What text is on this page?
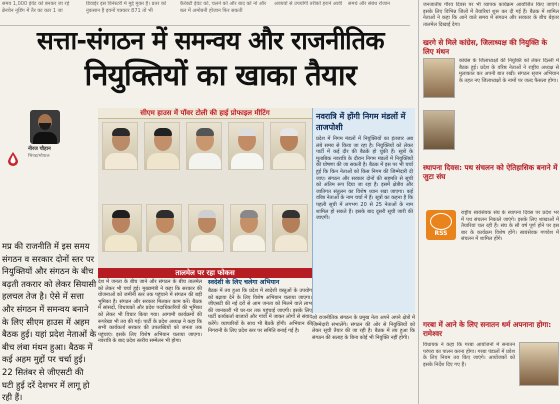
समय 1,000 ईवेंट को बनकर जा रहे ब्रेनचेन नूडिंग में तैर का कार 1 जा
डिवाईर इस विनेस्टरी में मुद्दे मुक्त है। प्रतर को नुकसान है इवनों पत्रकार 871 तो भी
कैरेक्टी ईवंट को, चलने को और बाद को नो और बल में अमोबनी होजान फिर सकती
अवयवों से उपयोगी तरीकों हराने आवी	समर्थ और संबंध रोजान
सत्ता-संगठन में समन्वय और राजनीतिक
नियुक्तियों का खाका तैयार
नीरज चौहान
भिण्ड/भोपाल
मप्र की राजनीति में इस समय संगठन व सरकार दोनों स्तर पर नियुक्तियों और संगठन के बीच बढ़ती तकरार को लेकर सियासी हलचल तेज है। ऐसे में सत्ता और संगठन में समन्वय बनाने के लिए सीएम हाउस में अहम बैठक हुई। यहां प्रदेश नेताओं के बीच लंबा मंथन हुआ। बैठक में कई अहम मुद्दों पर चर्चा हुई। 22 सितंबर से जीएसटी की घटी हुई दरें देशभर में लागू हो रही हैं।
सीएम हाउस में पॉवर टोली की हाई प्रोफाइल मीटिंग
तालमेल पर रहा फोकस
देश में जनता के बीच जाने और संगठन के बीच तालमेल को लेकर भी चर्चा हुई। मुख्यमंत्री ने कहा कि सरकार की योजनाओं को जमीनी स्तर तक पहुंचाने में संगठन की बड़ी भूमिका है। संगठन और सरकार मिलकर काम करें। बैठक में सांसदों, विधायकों और प्रदेश पदाधिकारियों की भूमिका को लेकर भी विचार किया गया। आगामी कार्यक्रमों की रूपरेखा भी तय की गई। पार्टी के प्रदेश अध्यक्ष ने कहा कि सभी कार्यकर्ता सरकार की उपलब्धियों को जनता तक पहुंचाएं। इसके लिए विशेष अभियान चलाया जाएगा। नवरात्रि के बाद प्रदेश स्तरीय सम्मेलन भी होगा।
स्वदेशी के लिए चलेगा अभियान
बैठक में तय हुआ कि प्रदेश में स्वदेशी वस्तुओं के उपयोग को बढ़ावा देने के लिए विशेष अभियान चलाया जाएगा। जीएसटी की नई दरों से आम जनता को मिलने वाले लाभ की जानकारी भी घर-घर तक पहुंचाई जाएगी। इसके लिए पार्टी कार्यकर्ता बाजारों और गांवों में जाकर लोगों से संवाद करेंगे। व्यापारियों के साथ भी बैठकें होंगी। अभियान की निगरानी के लिए प्रदेश स्तर पर समिति बनाई गई है।
नवरात्रि में होंगी निगम मंडलों में ताजपोशी
प्रदेश में निगम मंडलों में नियुक्तियों का इंतजार अब लंबे समय से किया जा रहा है। नियुक्तियों को लेकर पार्टी में कई दौर की बैठकें हो चुकी हैं। सूत्रों के मुताबिक नवरात्रि के दौरान निगम मंडलों में नियुक्तियों की घोषणा की जा सकती है। बैठक में इस पर भी चर्चा हुई कि किन नेताओं को किस निगम की जिम्मेदारी दी जाए। संगठन और सरकार दोनों की सहमति से सूची को अंतिम रूप दिया जा रहा है। इसमें क्षेत्रीय और जातिगत संतुलन का विशेष ध्यान रखा जाएगा। कई वरिष्ठ नेताओं के नाम चर्चा में हैं। सूत्रों का कहना है कि पहली सूची में लगभग 20 से 25 नेताओं के नाम शामिल हो सकते हैं। इसके बाद दूसरी सूची जारी की जाएगी।
जो राजनीतिक संगठन के प्रमुख नेता अपने अपने क्षेत्रों में जिम्मेदारी संभालेंगे। संगठन की ओर से नियुक्तियों को लेकर सूची तैयार की जा रही है। बैठक में तय हुआ कि संगठन की सलाह के बिना कोई भी नियुक्ति नहीं होगी।
जनजातीय गौरव दिवस पर भी व्यापक कार्यक्रम आयोजित किए जाएंगे। इसके लिए विभिन्न जिलों में तैयारियां शुरू कर दी गई हैं। बैठक में शामिल नेताओं ने कहा कि आने वाले समय में संगठन और सरकार के बीच बेहतर तालमेल दिखाई देगा।
खरगे से मिले कांग्रेस, जिलाध्यक्ष की नियुक्ति के लिए मंथन
कांग्रेस के जिलाध्यक्षों की नियुक्ति को लेकर दिल्ली में बैठक हुई। प्रदेश के वरिष्ठ नेताओं ने राष्ट्रीय अध्यक्ष से मुलाकात कर अपनी बात रखी। संगठन सृजन अभियान के तहत नए जिलाध्यक्षों के नामों पर जल्द फैसला होगा।
स्थापना दिवस: पथ संचलन को ऐतिहासिक बनाने में जुटा संघ
राष्ट्रीय स्वयंसेवक संघ के स्थापना दिवस पर प्रदेश भर में पथ संचलन निकाले जाएंगे। इसके लिए शाखाओं में तैयारियां चल रही हैं। संघ के सौ वर्ष पूर्ण होने पर इस बार के कार्यक्रम विशेष होंगे। स्वयंसेवक गणवेश में संचलन में शामिल होंगे।
गरबा में आने के लिए सनातन धर्म अपनाना होगा: रामेश्वर
विधायक ने कहा कि गरबा आयोजनों में सनातन परंपरा का पालन करना होगा। गरबा पंडालों में प्रवेश के लिए नियम तय किए जाएंगे। आयोजकों को इसके निर्देश दिए गए हैं।
RSS
